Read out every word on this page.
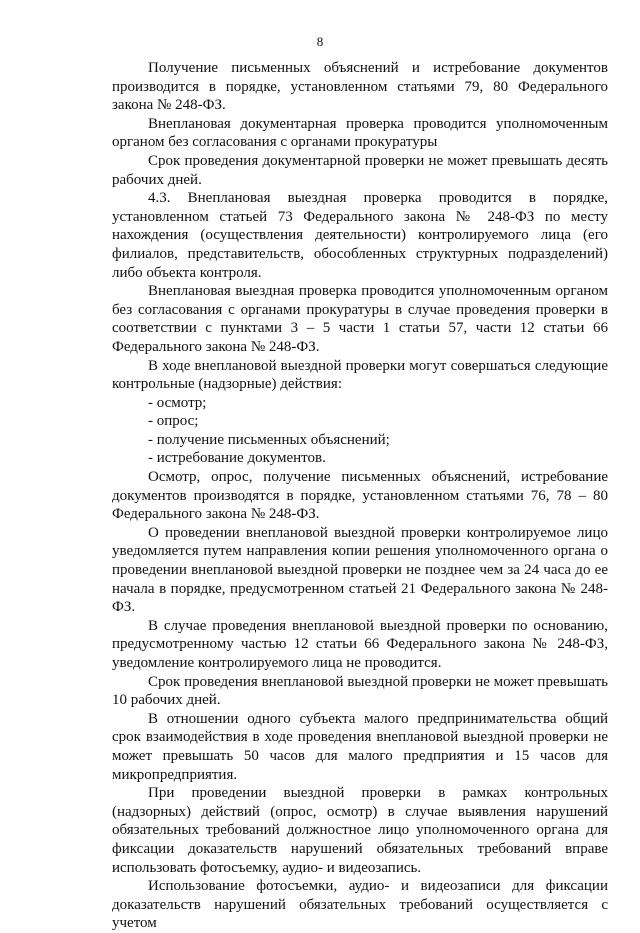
8

Получение письменных объяснений и истребование документов производится в порядке, установленном статьями 79, 80 Федерального закона № 248-ФЗ.

Внеплановая документарная проверка проводится уполномоченным органом без согласования с органами прокуратуры

Срок проведения документарной проверки не может превышать десять рабочих дней.

4.3. Внеплановая выездная проверка проводится в порядке, установленном статьей 73 Федерального закона № 248-ФЗ по месту нахождения (осуществления деятельности) контролируемого лица (его филиалов, представительств, обособленных структурных подразделений) либо объекта контроля.

Внеплановая выездная проверка проводится уполномоченным органом без согласования с органами прокуратуры в случае проведения проверки в соответствии с пунктами 3 – 5 части 1 статьи 57, части 12 статьи 66 Федерального закона № 248-ФЗ.

В ходе внеплановой выездной проверки могут совершаться следующие контрольные (надзорные) действия:

- осмотр;

- опрос;

- получение письменных объяснений;

- истребование документов.

Осмотр, опрос, получение письменных объяснений, истребование документов производятся в порядке, установленном статьями 76, 78 – 80 Федерального закона № 248-ФЗ.

О проведении внеплановой выездной проверки контролируемое лицо уведомляется путем направления копии решения уполномоченного органа о проведении внеплановой выездной проверки не позднее чем за 24 часа до ее начала в порядке, предусмотренном статьей 21 Федерального закона № 248-ФЗ.

В случае проведения внеплановой выездной проверки по основанию, предусмотренному частью 12 статьи 66 Федерального закона № 248-ФЗ, уведомление контролируемого лица не проводится.

Срок проведения внеплановой выездной проверки не может превышать 10 рабочих дней.

В отношении одного субъекта малого предпринимательства общий срок взаимодействия в ходе проведения внеплановой выездной проверки не может превышать 50 часов для малого предприятия и 15 часов для микропредприятия.

При проведении выездной проверки в рамках контрольных (надзорных) действий (опрос, осмотр) в случае выявления нарушений обязательных требований должностное лицо уполномоченного органа для фиксации доказательств нарушений обязательных требований вправе использовать фотосъемку, аудио- и видеозапись.

Использование фотосъемки, аудио- и видеозаписи для фиксации доказательств нарушений обязательных требований осуществляется с учетом
